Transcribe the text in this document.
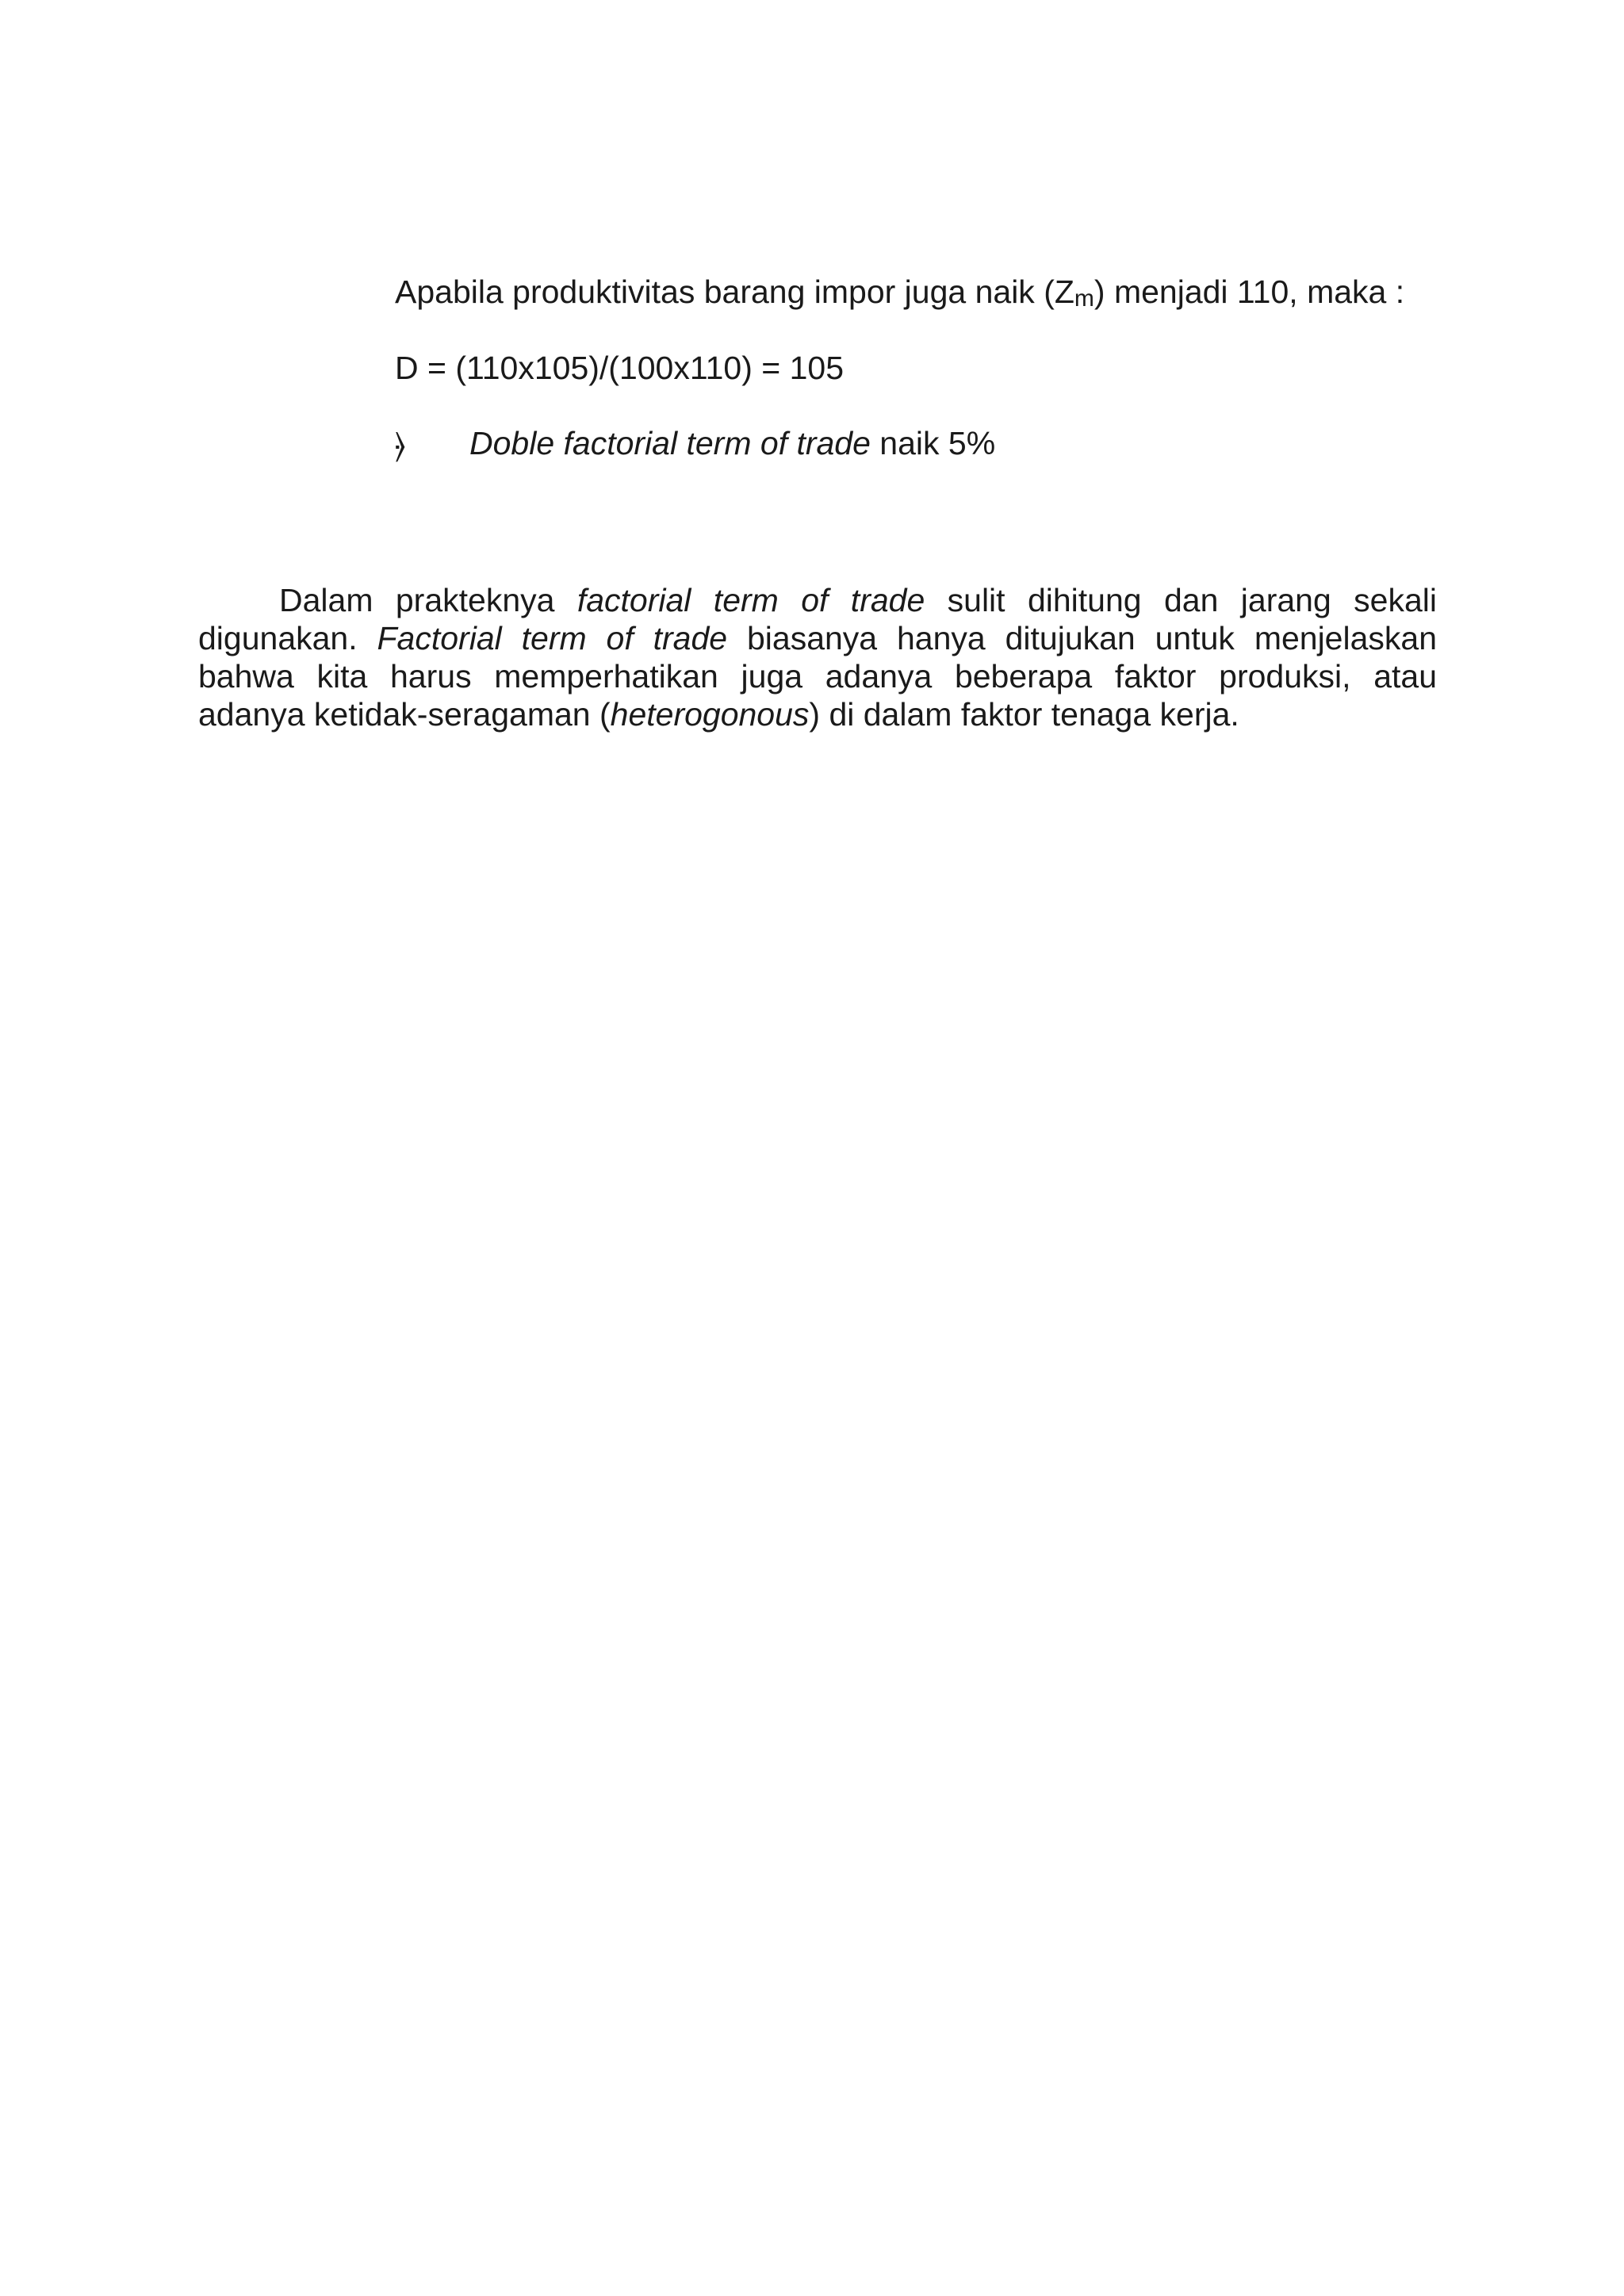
Apabila produktivitas barang impor juga naik (Zm) menjadi 110, maka :
D = (110x105)/(100x110) = 105
⦒ Doble factorial term of trade naik 5%
Dalam prakteknya factorial term of trade sulit dihitung dan jarang sekali
digunakan. Factorial term of trade biasanya hanya ditujukan untuk menjelaskan
bahwa kita harus memperhatikan juga adanya beberapa faktor produksi, atau
adanya ketidak-seragaman (heterogonous) di dalam faktor tenaga kerja.
